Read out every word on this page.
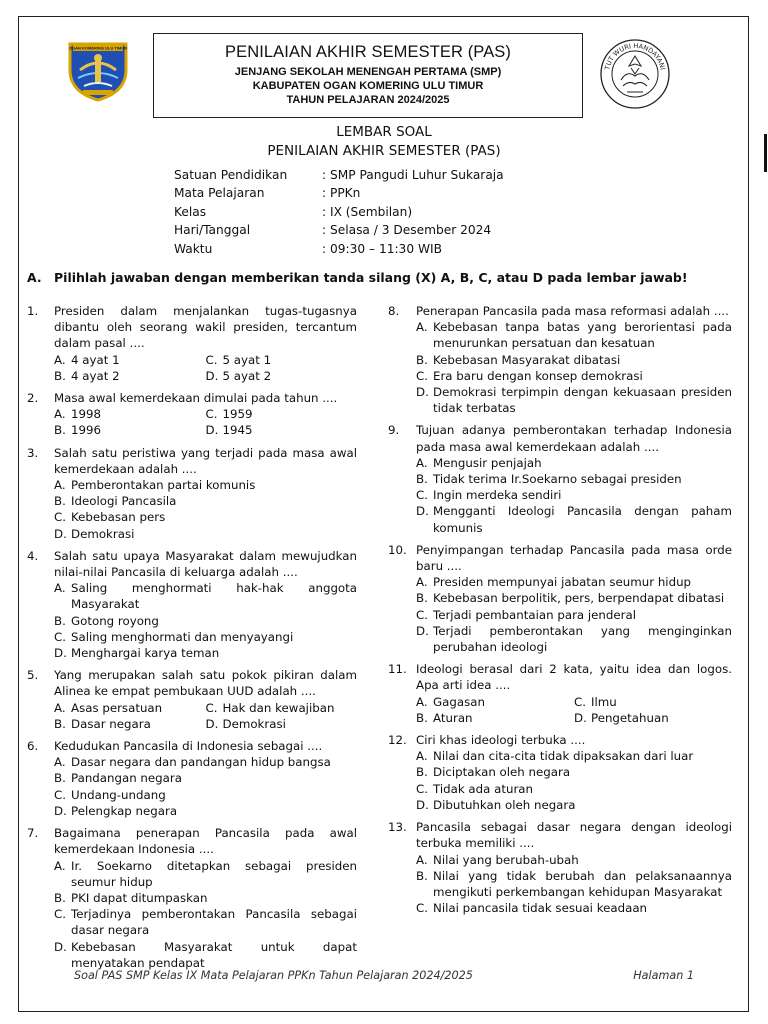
OGAN KOMERING ULU TIMUR
TUT WURI HANDAYANI
PENILAIAN AKHIR SEMESTER (PAS)
JENJANG SEKOLAH MENENGAH PERTAMA (SMP)
KABUPATEN OGAN KOMERING ULU TIMUR
TAHUN PELAJARAN 2024/2025
LEMBAR SOAL
PENILAIAN AKHIR SEMESTER (PAS)
Satuan Pendidikan	: SMP Pangudi Luhur Sukaraja
Mata Pelajaran	: PPKn
Kelas	: IX (Sembilan)
Hari/Tanggal	: Selasa / 3 Desember 2024
Waktu	: 09:30 – 11:30 WIB
A. Pilihlah jawaban dengan memberikan tanda silang (X) A, B, C, atau D pada lembar jawab!
1. Presiden dalam menjalankan tugas-tugasnya dibantu oleh seorang wakil presiden, tercantum dalam pasal ....
A. 4 ayat 1	C. 5 ayat 1
B. 4 ayat 2	D. 5 ayat 2
2. Masa awal kemerdekaan dimulai pada tahun ....
A. 1998	C. 1959
B. 1996	D. 1945
3. Salah satu peristiwa yang terjadi pada masa awal kemerdekaan adalah ....
A. Pemberontakan partai komunis
B. Ideologi Pancasila
C. Kebebasan pers
D. Demokrasi
4. Salah satu upaya Masyarakat dalam mewujudkan nilai-nilai Pancasila di keluarga adalah ....
A. Saling menghormati hak-hak anggota Masyarakat
B. Gotong royong
C. Saling menghormati dan menyayangi
D. Menghargai karya teman
5. Yang merupakan salah satu pokok pikiran dalam Alinea ke empat pembukaan UUD adalah ....
A. Asas persatuan	C. Hak dan kewajiban
B. Dasar negara	D. Demokrasi
6. Kedudukan Pancasila di Indonesia sebagai ....
A. Dasar negara dan pandangan hidup bangsa
B. Pandangan negara
C. Undang-undang
D. Pelengkap negara
7. Bagaimana penerapan Pancasila pada awal kemerdekaan Indonesia ....
A. Ir. Soekarno ditetapkan sebagai presiden seumur hidup
B. PKI dapat ditumpaskan
C. Terjadinya pemberontakan Pancasila sebagai dasar negara
D. Kebebasan Masyarakat untuk dapat menyatakan pendapat
8. Penerapan Pancasila pada masa reformasi adalah ....
A. Kebebasan tanpa batas yang berorientasi pada menurunkan persatuan dan kesatuan
B. Kebebasan Masyarakat dibatasi
C. Era baru dengan konsep demokrasi
D. Demokrasi terpimpin dengan kekuasaan presiden tidak terbatas
9. Tujuan adanya pemberontakan terhadap Indonesia pada masa awal kemerdekaan adalah ....
A. Mengusir penjajah
B. Tidak terima Ir.Soekarno sebagai presiden
C. Ingin merdeka sendiri
D. Mengganti Ideologi Pancasila dengan paham komunis
10. Penyimpangan terhadap Pancasila pada masa orde baru ....
A. Presiden mempunyai jabatan seumur hidup
B. Kebebasan berpolitik, pers, berpendapat dibatasi
C. Terjadi pembantaian para jenderal
D. Terjadi pemberontakan yang menginginkan perubahan ideologi
11. Ideologi berasal dari 2 kata, yaitu idea dan logos. Apa arti idea ....
A. Gagasan	C. Ilmu
B. Aturan	D. Pengetahuan
12. Ciri khas ideologi terbuka ....
A. Nilai dan cita-cita tidak dipaksakan dari luar
B. Diciptakan oleh negara
C. Tidak ada aturan
D. Dibutuhkan oleh negara
13. Pancasila sebagai dasar negara dengan ideologi terbuka memiliki ....
A. Nilai yang berubah-ubah
B. Nilai yang tidak berubah dan pelaksanaannya mengikuti perkembangan kehidupan Masyarakat
C. Nilai pancasila tidak sesuai keadaan
Soal PAS SMP Kelas IX Mata Pelajaran PPKn Tahun Pelajaran 2024/2025	Halaman 1
